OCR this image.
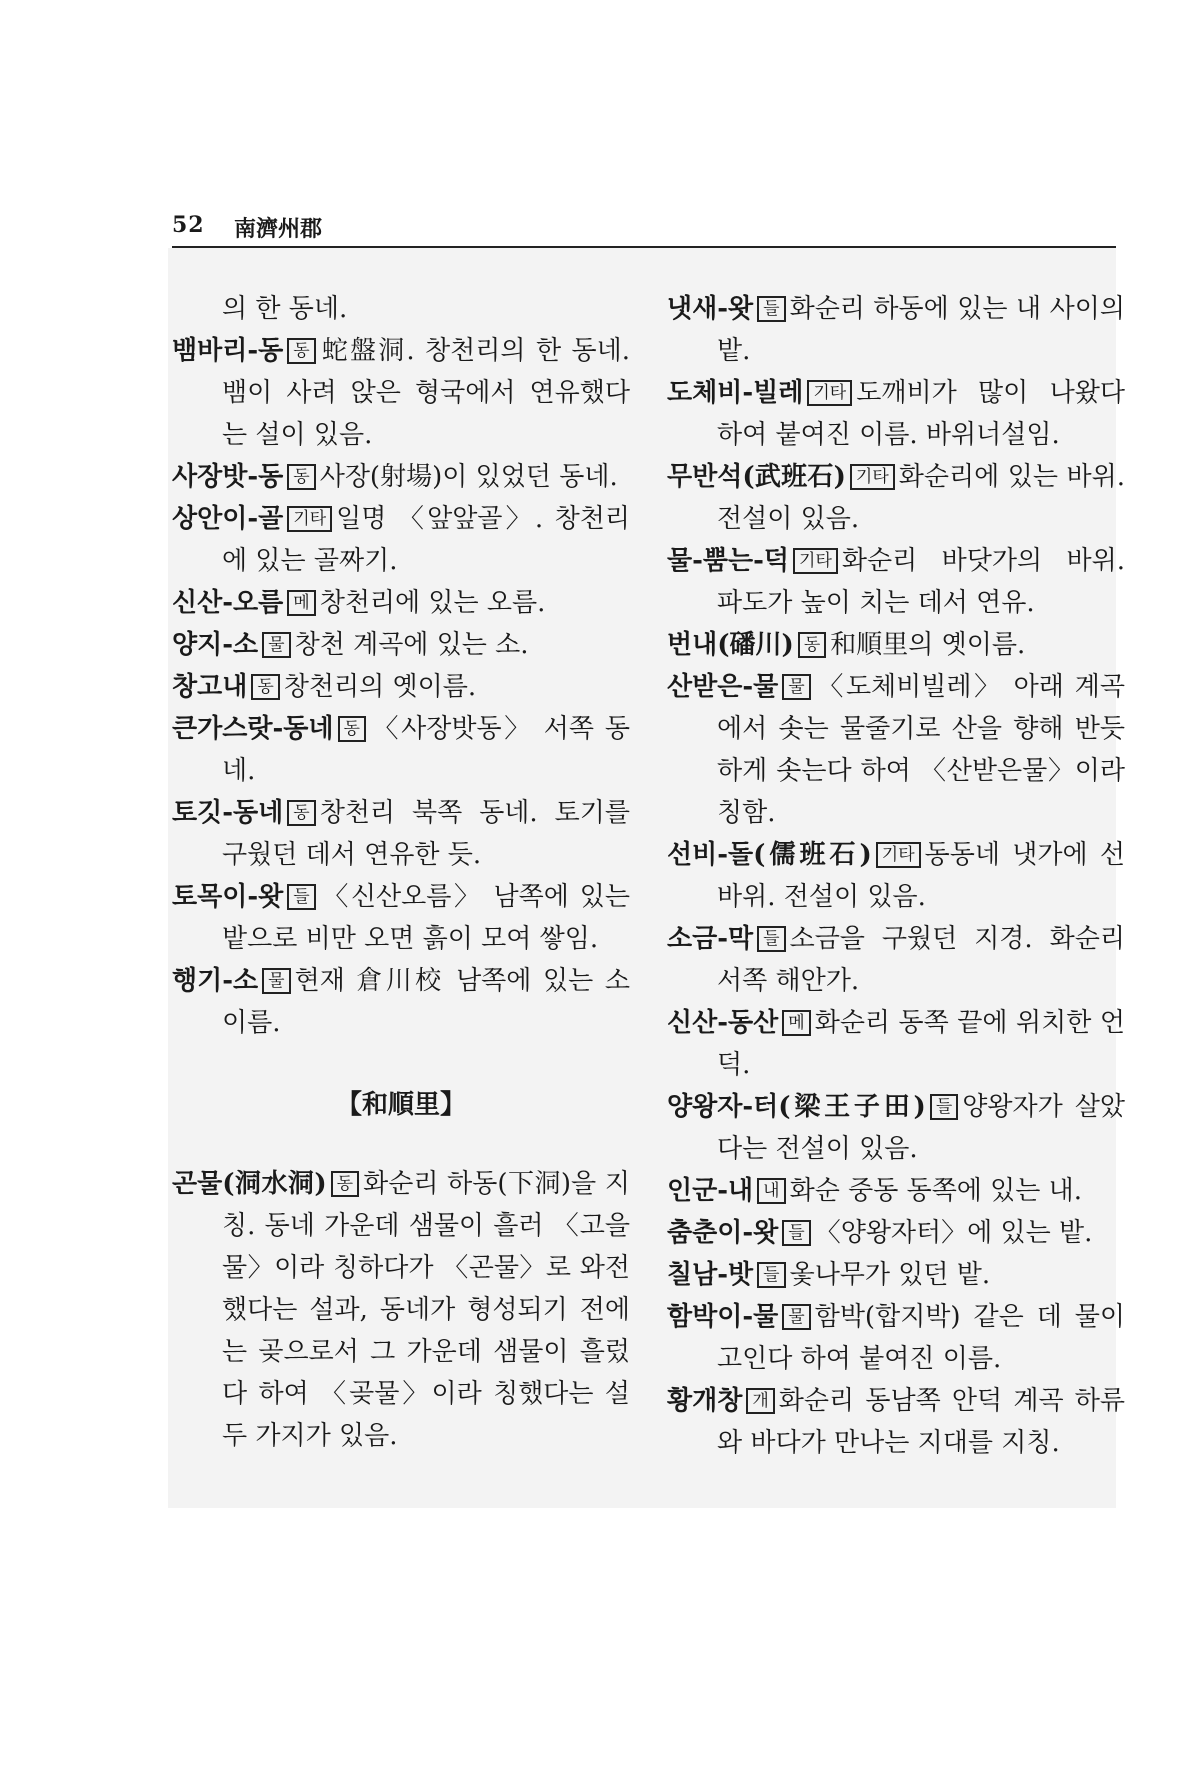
52 南濟州郡

의 한 동네.

뱀바리-동 동 蛇盤洞. 창천리의 한 동네. 뱀이 사려 앉은 형국에서 연유했다는 설이 있음.

사장밧-동 동 사장(射場)이 있었던 동네.

상안이-골 기타 일명 〈앞앞골〉. 창천리에 있는 골짜기.

신산-오름 메 창천리에 있는 오름.

양지-소 물 창천 계곡에 있는 소.

창고내 동 창천리의 옛이름.

큰가스랏-동네 동 〈사장밧동〉 서쪽 동네.

토깃-동네 동 창천리 북쪽 동네. 토기를 구웠던 데서 연유한 듯.

토목이-왓 들 〈신산오름〉 남쪽에 있는 밭으로 비만 오면 흙이 모여 쌓임.

행기-소 물 현재 倉川校 남쪽에 있는 소 이름.

【和順里】

곤물(洞水洞) 동 화순리 하동(下洞)을 지칭. 동네 가운데 샘물이 흘러 〈고을물〉이라 칭하다가 〈곤물〉로 와전했다는 설과, 동네가 형성되기 전에는 곶으로서 그 가운데 샘물이 흘렀다 하여 〈곶물〉이라 칭했다는 설 두 가지가 있음.

냇새-왓 들 화순리 하동에 있는 내 사이의 밭.

도체비-빌레 기타 도깨비가 많이 나왔다 하여 붙여진 이름. 바위너설임.

무반석(武班石) 기타 화순리에 있는 바위. 전설이 있음.

물-뿜는-덕 기타 화순리 바닷가의 바위. 파도가 높이 치는 데서 연유.

번내(磻川) 동 和順里의 옛이름.

산받은-물 물 〈도체비빌레〉 아래 계곡에서 솟는 물줄기로 산을 향해 반듯하게 솟는다 하여 〈산받은물〉이라 칭함.

선비-돌(儒班石) 기타 동동네 냇가에 선 바위. 전설이 있음.

소금-막 들 소금을 구웠던 지경. 화순리 서쪽 해안가.

신산-동산 메 화순리 동쪽 끝에 위치한 언덕.

양왕자-터(梁王子田) 들 양왕자가 살았다는 전설이 있음.

인군-내 내 화순 중동 동쪽에 있는 내.

춤춘이-왓 들 〈양왕자터〉에 있는 밭.

칠남-밧 들 옻나무가 있던 밭.

함박이-물 물 함박(합지박) 같은 데 물이 고인다 하여 붙여진 이름.

황개창 개 화순리 동남쪽 안덕 계곡 하류와 바다가 만나는 지대를 지칭.
